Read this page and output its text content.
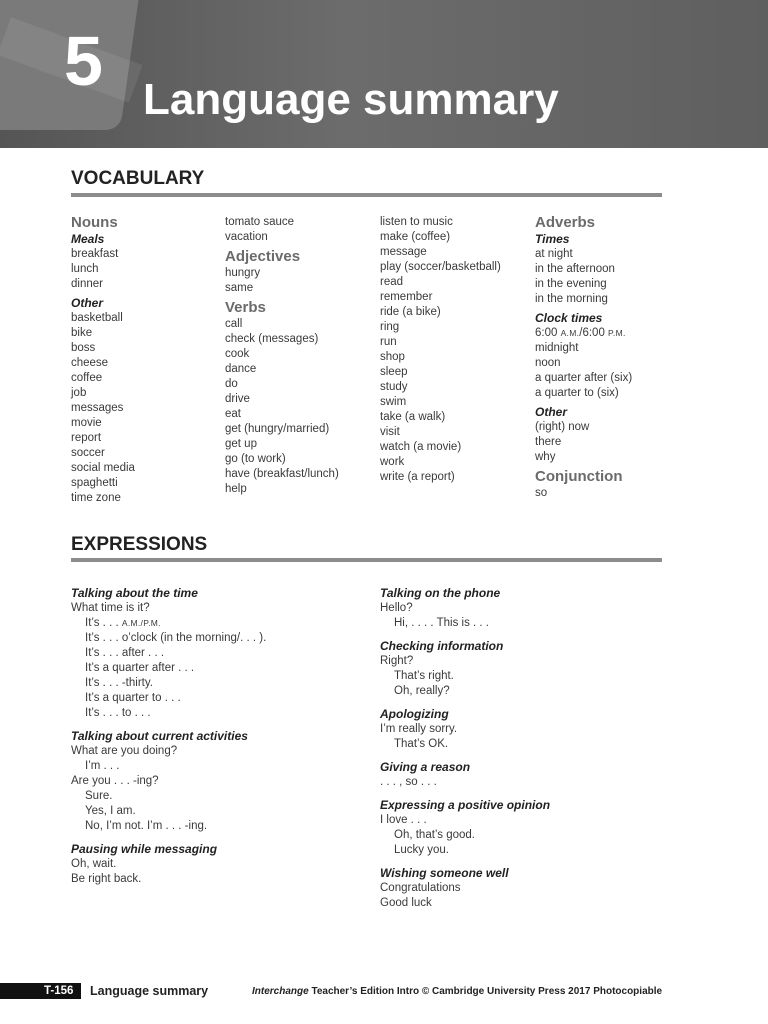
5 Language summary
VOCABULARY
Nouns
Meals
breakfast
lunch
dinner
Other
basketball
bike
boss
cheese
coffee
job
messages
movie
report
soccer
social media
spaghetti
time zone
tomato sauce
vacation
Adjectives
hungry
same
Verbs
call
check (messages)
cook
dance
do
drive
eat
get (hungry/married)
get up
go (to work)
have (breakfast/lunch)
help
listen to music
make (coffee)
message
play (soccer/basketball)
read
remember
ride (a bike)
ring
run
shop
sleep
study
swim
take (a walk)
visit
watch (a movie)
work
write (a report)
Adverbs
Times
at night
in the afternoon
in the evening
in the morning
Clock times
6:00 A.M./6:00 P.M.
midnight
noon
a quarter after (six)
a quarter to (six)
Other
(right) now
there
why
Conjunction
so
EXPRESSIONS
Talking about the time
What time is it?
It’s . . . A.M./P.M.
It’s . . . o’clock (in the morning/. . . ).
It’s . . . after . . .
It’s a quarter after . . .
It’s . . . -thirty.
It’s a quarter to . . .
It’s . . . to . . .
Talking about current activities
What are you doing?
I’m . . .
Are you . . . -ing?
Sure.
Yes, I am.
No, I’m not. I’m . . . -ing.
Pausing while messaging
Oh, wait.
Be right back.
Talking on the phone
Hello?
Hi, . . . . This is . . .
Checking information
Right?
That’s right.
Oh, really?
Apologizing
I’m really sorry.
That’s OK.
Giving a reason
. . . , so . . .
Expressing a positive opinion
I love . . .
Oh, that’s good.
Lucky you.
Wishing someone well
Congratulations
Good luck
T-156 Language summary	Interchange Teacher’s Edition Intro © Cambridge University Press 2017 Photocopiable
